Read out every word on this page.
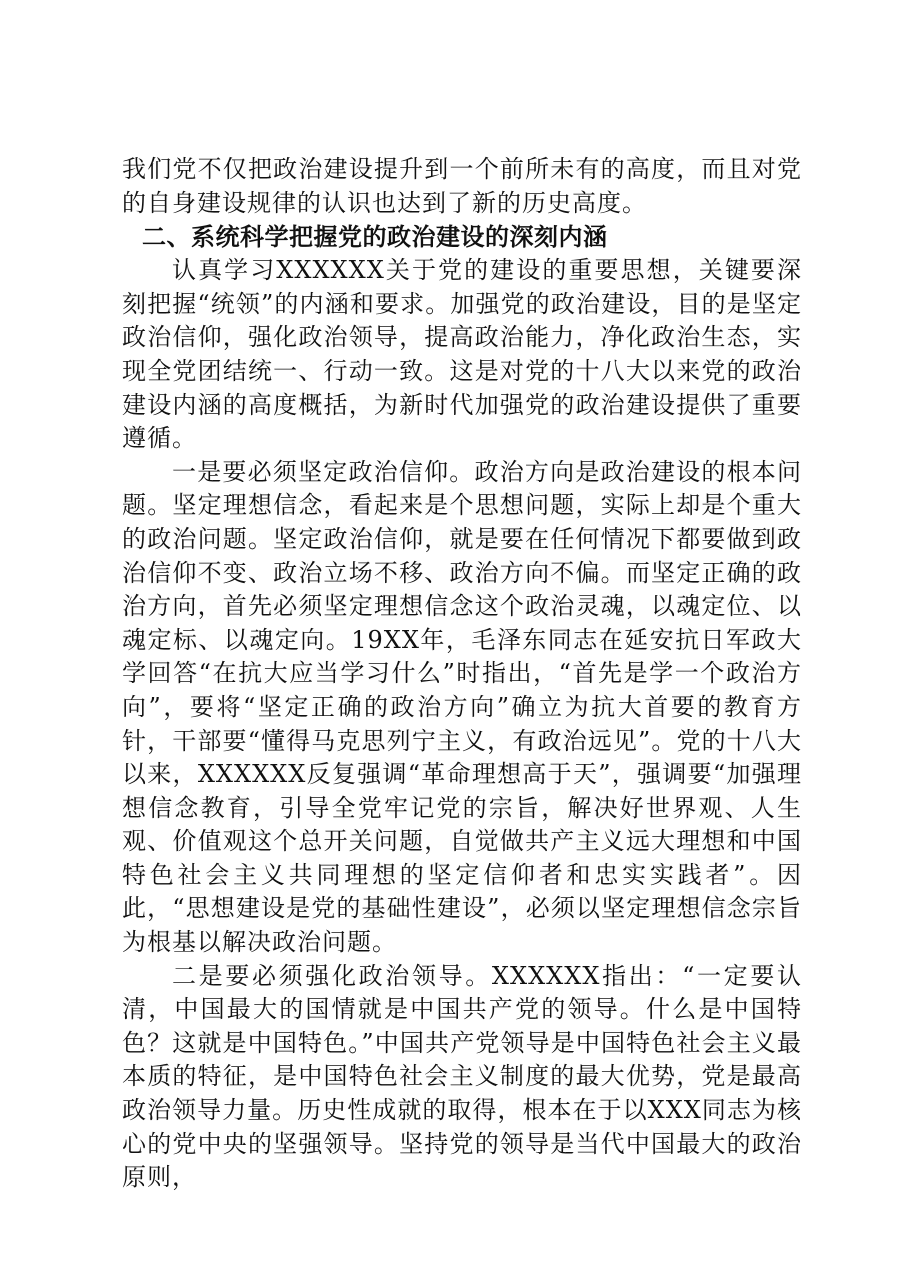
我们党不仅把政治建设提升到一个前所未有的高度，而且对党的自身建设规律的认识也达到了新的历史高度。

二、系统科学把握党的政治建设的深刻内涵

认真学习XXXXXX关于党的建设的重要思想，关键要深刻把握“统领”的内涵和要求。加强党的政治建设，目的是坚定政治信仰，强化政治领导，提高政治能力，净化政治生态，实现全党团结统一、行动一致。这是对党的十八大以来党的政治建设内涵的高度概括，为新时代加强党的政治建设提供了重要遵循。

一是要必须坚定政治信仰。政治方向是政治建设的根本问题。坚定理想信念，看起来是个思想问题，实际上却是个重大的政治问题。坚定政治信仰，就是要在任何情况下都要做到政治信仰不变、政治立场不移、政治方向不偏。而坚定正确的政治方向，首先必须坚定理想信念这个政治灵魂，以魂定位、以魂定标、以魂定向。19XX年，毛泽东同志在延安抗日军政大学回答“在抗大应当学习什么”时指出，“首先是学一个政治方向”，要将“坚定正确的政治方向”确立为抗大首要的教育方针，干部要“懂得马克思列宁主义，有政治远见”。党的十八大以来，XXXXXX反复强调“革命理想高于天”，强调要“加强理想信念教育，引导全党牢记党的宗旨，解决好世界观、人生观、价值观这个总开关问题，自觉做共产主义远大理想和中国特色社会主义共同理想的坚定信仰者和忠实实践者”。因此，“思想建设是党的基础性建设”，必须以坚定理想信念宗旨为根基以解决政治问题。

二是要必须强化政治领导。XXXXXX指出：“一定要认清，中国最大的国情就是中国共产党的领导。什么是中国特色？这就是中国特色。”中国共产党领导是中国特色社会主义最本质的特征，是中国特色社会主义制度的最大优势，党是最高政治领导力量。历史性成就的取得，根本在于以XXX同志为核心的党中央的坚强领导。坚持党的领导是当代中国最大的政治原则，
